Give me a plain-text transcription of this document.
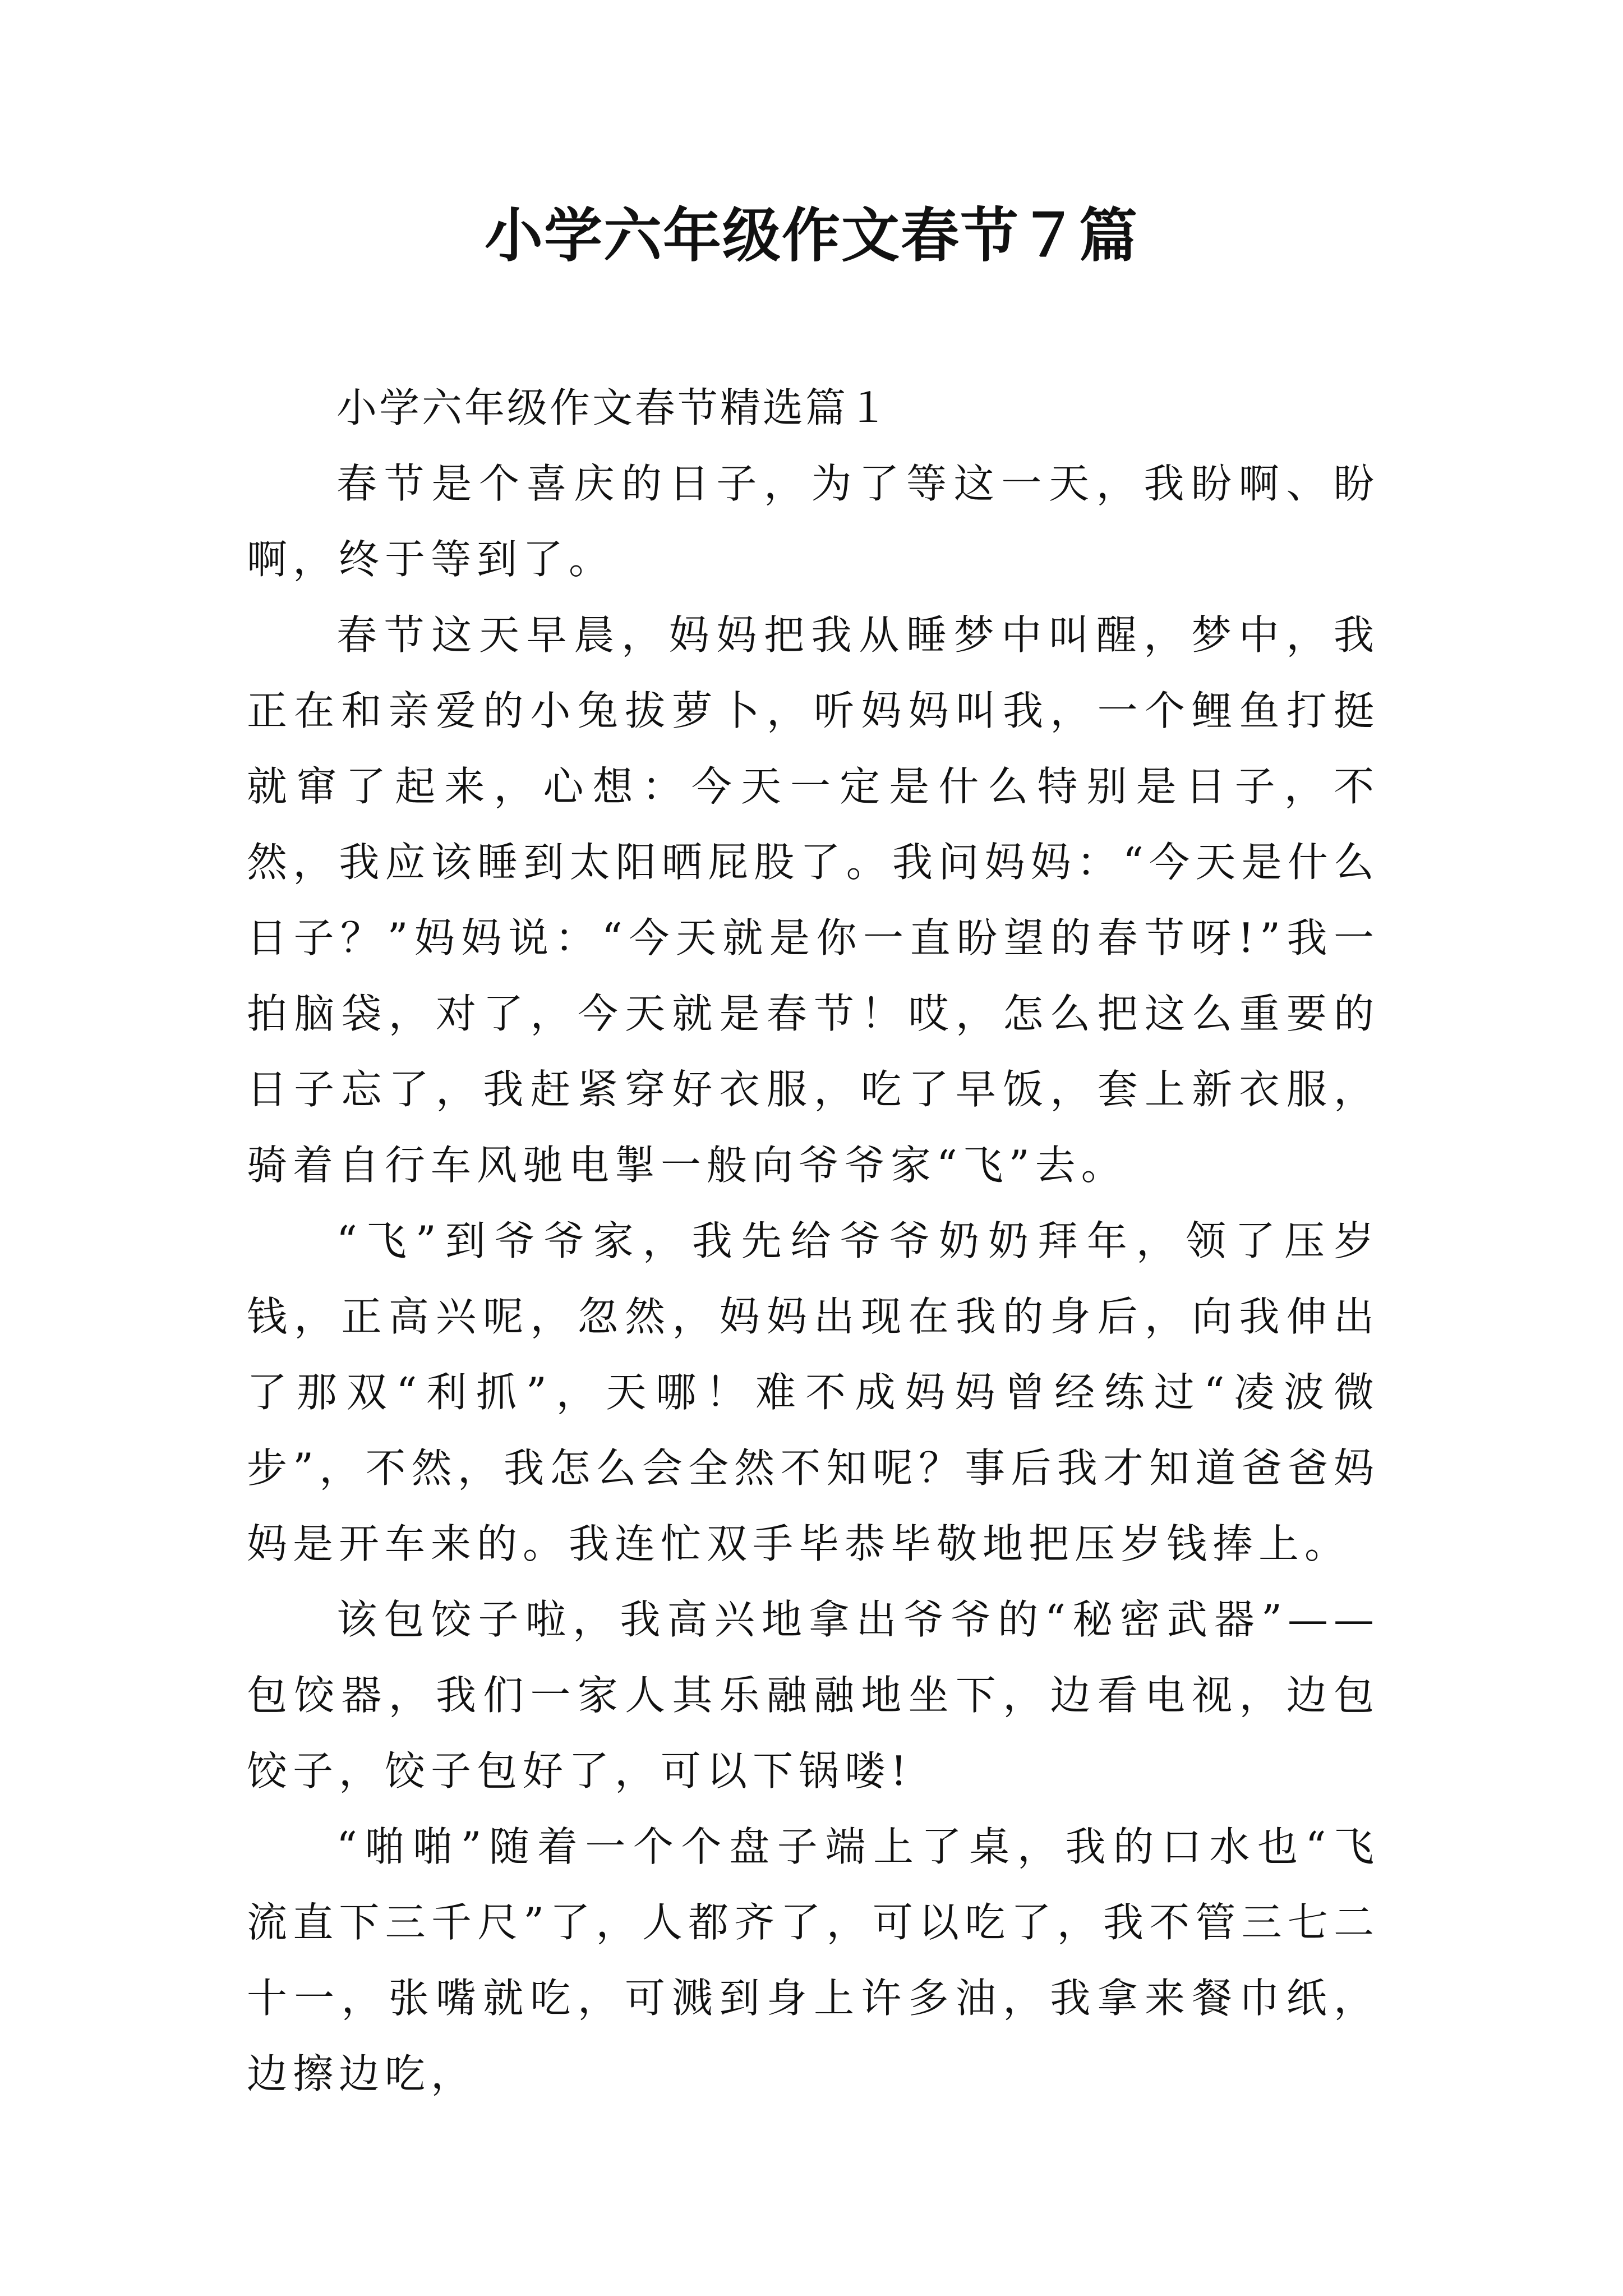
小学六年级作文春节７篇

小学六年级作文春节精选篇１

春节是个喜庆的日子，为了等这一天，我盼啊、盼啊，终于等到了。

春节这天早晨，妈妈把我从睡梦中叫醒，梦中，我正在和亲爱的小兔拔萝卜，听妈妈叫我，一个鲤鱼打挺就窜了起来，心想：今天一定是什么特别是日子，不然，我应该睡到太阳晒屁股了。我问妈妈：“今天是什么日子？”妈妈说：“今天就是你一直盼望的春节呀!”我一拍脑袋，对了，今天就是春节！哎，怎么把这么重要的日子忘了，我赶紧穿好衣服，吃了早饭，套上新衣服，骑着自行车风驰电掣一般向爷爷家“飞”去。

“飞”到爷爷家，我先给爷爷奶奶拜年，领了压岁钱，正高兴呢，忽然，妈妈出现在我的身后，向我伸出了那双“利抓”，天哪！难不成妈妈曾经练过“凌波微步”，不然，我怎么会全然不知呢？事后我才知道爸爸妈妈是开车来的。我连忙双手毕恭毕敬地把压岁钱捧上。

该包饺子啦，我高兴地拿出爷爷的“秘密武器”——包饺器，我们一家人其乐融融地坐下，边看电视，边包饺子，饺子包好了，可以下锅喽!

“啪啪”随着一个个盘子端上了桌，我的口水也“飞流直下三千尺”了，人都齐了，可以吃了，我不管三七二十一，张嘴就吃，可溅到身上许多油，我拿来餐巾纸，边擦边吃，
